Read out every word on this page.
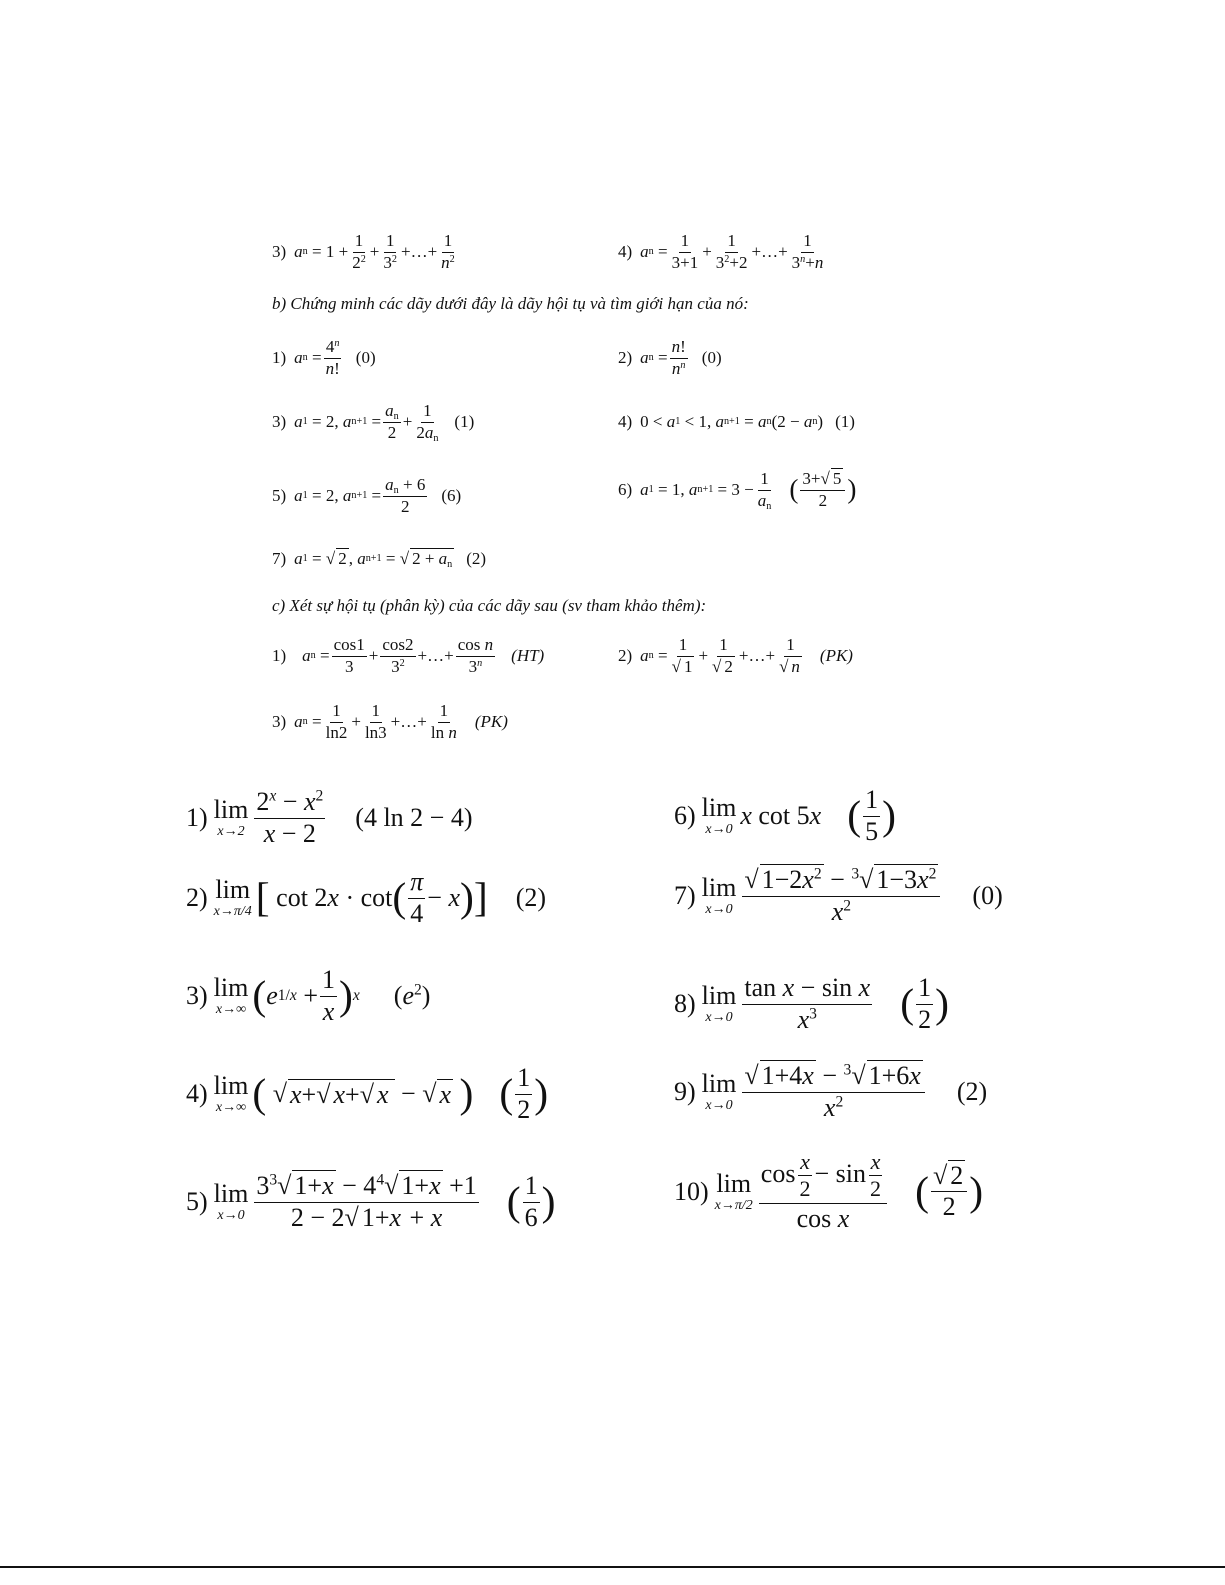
3) a $n = 1 + \frac{1}{2^2} + \frac{1}{3^2}$ +…+ $\frac{1}{n^2}$	4) a $n = \frac{1}{3+1} + \frac{1}{3^2+2}$ +…+ $\frac{1}{3^n+n}$
b) Chứng minh các dãy dưới đây là dãy hội tụ và tìm giới hạn của nó:
1) a $n = \frac{4^n}{n!} (0)$	2) a $n = \frac{n!}{n^n} (0)$
3) a 1 = 2, a $n+1 = \frac{a_n}{2} + \frac{1}{2a_n} (1)$	4) 0 < a 1 < 1, a n+1 = a n (2 − a n ) (1)
5) a 1 = 2, a $n+1 = \frac{a_n + 6}{2} (6)$	6) a 1 = 1, a $n+1 = 3 - \frac{1}{a_n}$ ( $\frac{3+√ 5}{2}$ )
7) a 1 = √ 2 , a n+1 = √ $2 + a_n$ (2)
c) Xét sự hội tụ (phân kỳ) của các dãy sau (sv tham khảo thêm):
1) a $n = \frac{\cos 1}{3} + \frac{\cos 2}{3^2}$ +…+ $\frac{\text{cos n}}{3^n} (HT)$	2) a $n = \frac{1}{√ 1} + \frac{1}{√ 2}$ +…+ $\frac{1}{√ n} (PK)$
3) a $n = \frac{1}{\ln 2} + \frac{1}{\ln 3}$ +…+ $\frac{1}{\text{ln n}} (PK)$
1) lim
$x\to 2 \frac{2^x - x^2}{x - 2} (4$ ln 2 − 4)
2) lim
x→π/4 [ cot 2 x · cot ( $\frac{\pi}{4} - x$ ) ] (2)
3) lim
x→∞ ( e $1/x + \frac{1}{x}$ ) x $(e^2)$
4) lim
x→∞ (
√ x+√ x+√ x − √ x
) ( $\frac{1}{2}$ )
5) lim
$x\to 0 \frac{3^3√ 1+x - 4^4√ 1+x +1}{2 - 2√ 1+x + x}$ ( $\frac{1}{6}$ )
6) lim
x→0 x cot 5 x ( $\frac{1}{5}$ )
7) lim
$x\to 0 \frac{√ 1-2x^2 - ^3√ 1-3x^2}{x^2} (0)$
8) lim
$x\to 0 \frac{\text{tan x − sin x}}{x^3}$ ( $\frac{1}{2}$ )
9) lim
$x\to 0 \frac{√ 1+4x - ^3√ 1+6x}{x^2} (2)$
10) lim
$x\to\pi/2 \frac{\cos \frac{x}{2} - \sin \frac{x}{2}}{\text{cos x}}$ ( $\frac{√ 2}{2}$ )
